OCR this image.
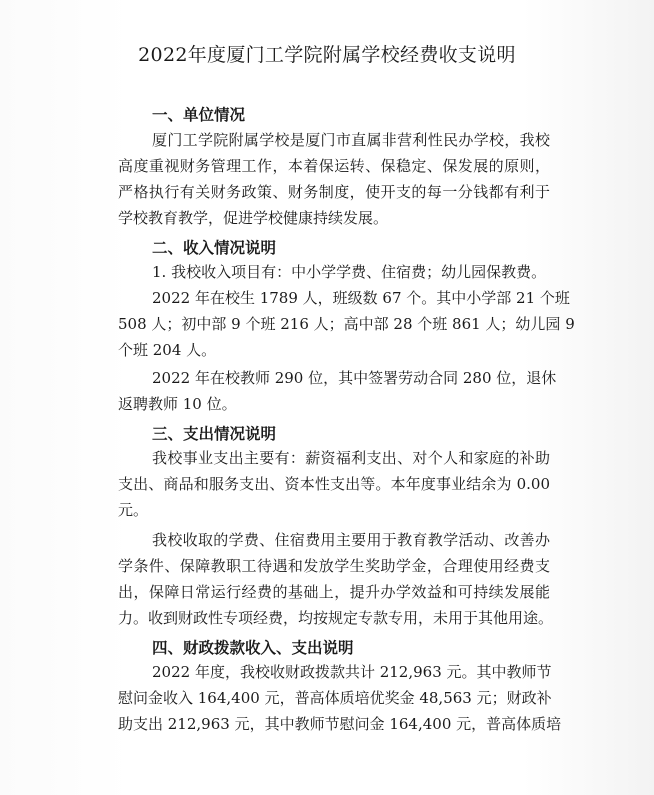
2022年度厦门工学院附属学校经费收支说明
一、单位情况
厦门工学院附属学校是厦门市直属非营利性民办学校，我校
高度重视财务管理工作，本着保运转、保稳定、保发展的原则，
严格执行有关财务政策、财务制度，使开支的每一分钱都有利于
学校教育教学，促进学校健康持续发展。
二、收入情况说明
1. 我校收入项目有：中小学学费、住宿费；幼儿园保教费。
2022 年在校生 1789 人，班级数 67 个。其中小学部 21 个班
508 人；初中部 9 个班 216 人；高中部 28 个班 861 人；幼儿园 9
个班 204 人。
2022 年在校教师 290 位，其中签署劳动合同 280 位，退休
返聘教师 10 位。
三、支出情况说明
我校事业支出主要有：薪资福利支出、对个人和家庭的补助
支出、商品和服务支出、资本性支出等。本年度事业结余为 0.00
元。
我校收取的学费、住宿费用主要用于教育教学活动、改善办
学条件、保障教职工待遇和发放学生奖助学金，合理使用经费支
出，保障日常运行经费的基础上，提升办学效益和可持续发展能
力。收到财政性专项经费，均按规定专款专用，未用于其他用途。
四、财政拨款收入、支出说明
2022 年度，我校收财政拨款共计 212,963 元。其中教师节
慰问金收入 164,400 元，普高体质培优奖金 48,563 元；财政补
助支出 212,963 元，其中教师节慰问金 164,400 元，普高体质培
